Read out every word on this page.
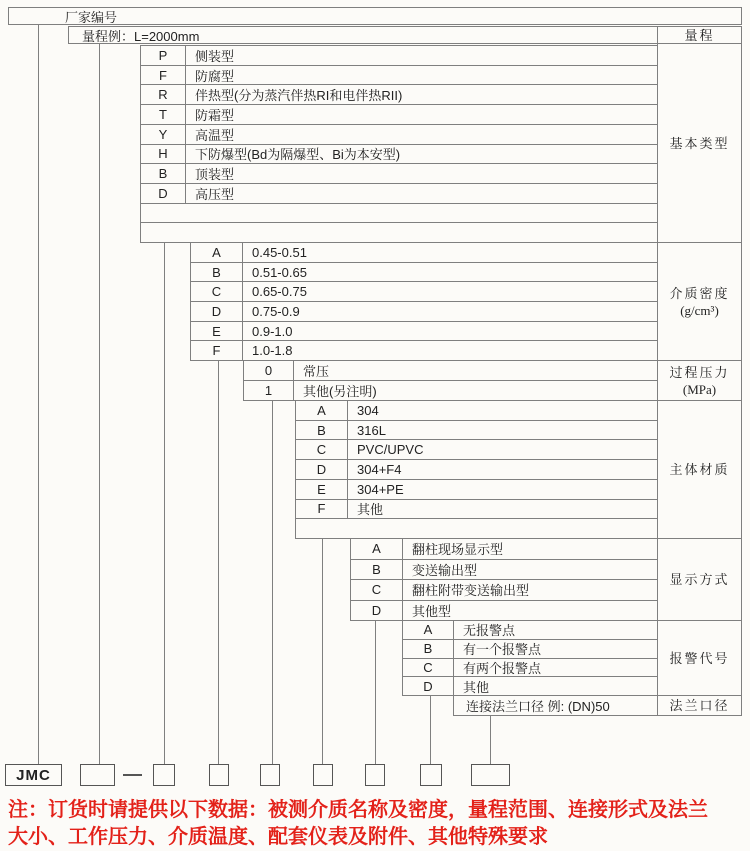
厂家编号
量程例：L=2000mm
P	侧装型
F	防腐型
R	伴热型(分为蒸汽伴热RI和电伴热RII)
T	防霜型
Y	高温型
H	下防爆型(Bd为隔爆型、Bi为本安型)
B	顶装型
D	高压型
A	0.45-0.51
B	0.51-0.65
C	0.65-0.75
D	0.75-0.9
E	0.9-1.0
F	1.0-1.8
0	常压
1	其他(另注明)
A	304
B	316L
C	PVC/UPVC
D	304+F4
E	304+PE
F	其他
A	翻柱现场显示型
B	变送输出型
C	翻柱附带变送输出型
D	其他型
A	无报警点
B	有一个报警点
C	有两个报警点
D	其他
连接法兰口径 例: (DN)50
量程
基本类型
介质密度
(g/cm³)
过程压力
(MPa)
主体材质
显示方式
报警代号
法兰口径
JMC
注：订货时请提供以下数据：被测介质名称及密度，量程范围、连接形式及法兰
大小、工作压力、介质温度、配套仪表及附件、其他特殊要求
